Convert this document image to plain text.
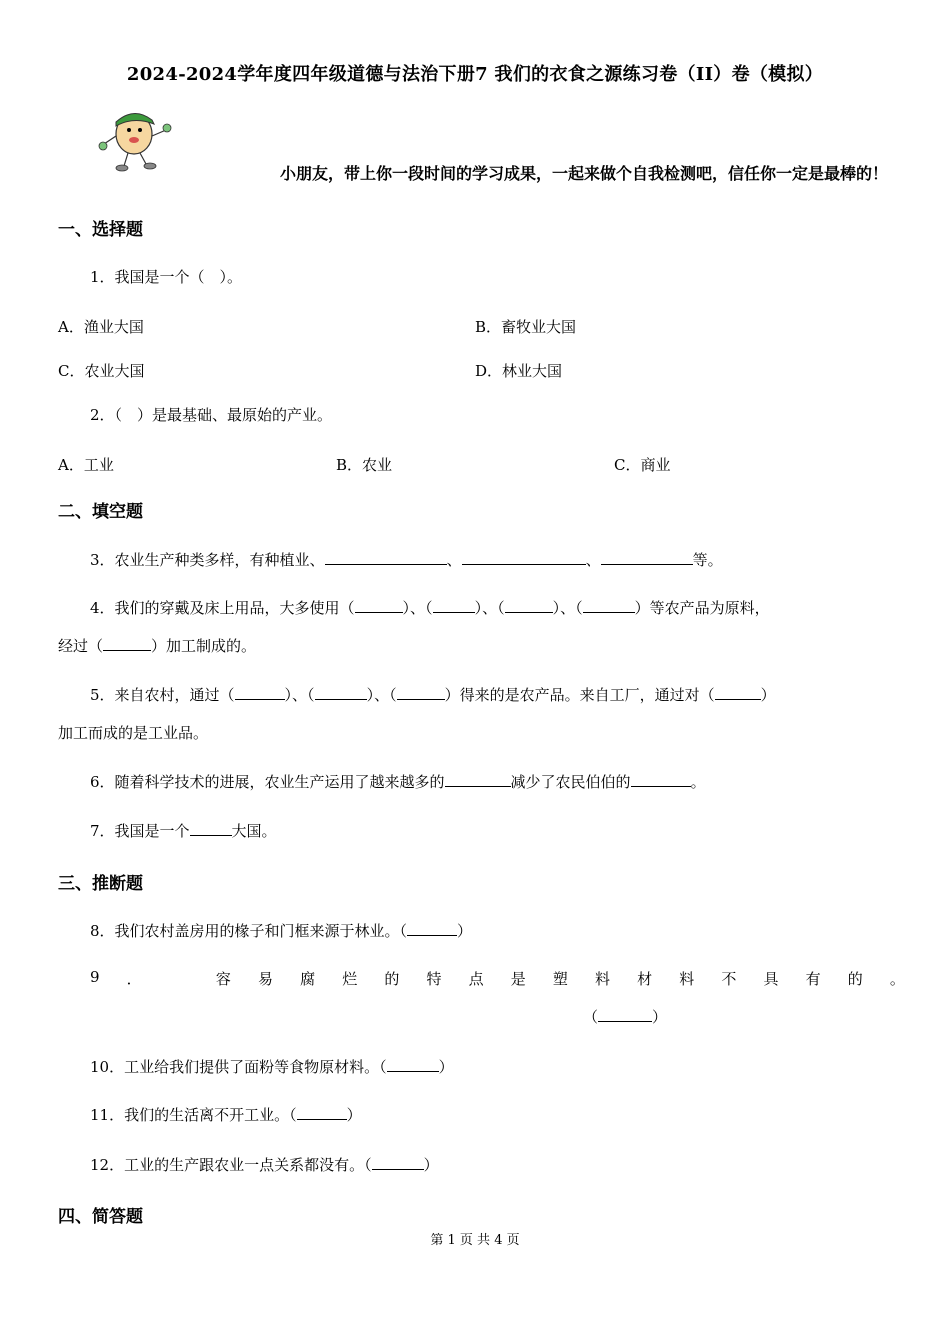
2024-2024学年度四年级道德与法治下册7 我们的衣食之源练习卷（II）卷（模拟）
小朋友，带上你一段时间的学习成果，一起来做个自我检测吧，信任你一定是最棒的！
一、选择题
1．我国是一个（　）。
A．渔业大国	B．畜牧业大国
C．农业大国	D．林业大国
2．（　）是最基础、最原始的产业。
A．工业	B．农业	C．商业
二、填空题
3．农业生产种类多样，有种植业、	、	、	等。
4．我们的穿戴及床上用品，大多使用（	）、（	）、（	）、（	）等农产品为原料，
经过（	）加工制成的。
5．来自农村，通过（	）、（	）、（	）得来的是农产品。来自工厂，通过对（	）
加工而成的是工业品。
6．随着科学技术的进展，农业生产运用了越来越多的	减少了农民伯伯的	。
7．我国是一个	大国。
三、推断题
8．我们农村盖房用的椽子和门框来源于林业。（	）
9 ．	容 易 腐 烂 的 特 点 是 塑 料 材 料 不 具 有 的 。
（	）
10．工业给我们提供了面粉等食物原材料。（	）
11．我们的生活离不开工业。（	）
12．工业的生产跟农业一点关系都没有。（	）
四、简答题
第 1 页 共 4 页
